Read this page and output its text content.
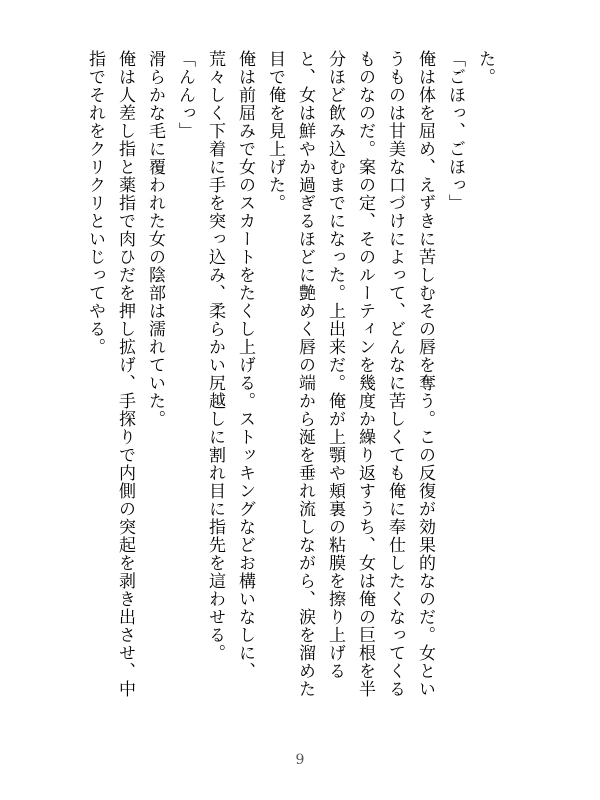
た。

「ごほっ、ごほっ」

俺は体を屈め、えずきに苦しむその唇を奪う。この反復が効果的なのだ。女というものは甘美な口づけによって、どんなに苦しくても俺に奉仕したくなってくるものなのだ。案の定、そのルーティンを幾度か繰り返すうち、女は俺の巨根を半分ほど飲み込むまでになった。上出来だ。俺が上顎や頬裏の粘膜を擦り上げると、女は鮮やか過ぎるほどに艶めく唇の端から涎を垂れ流しながら、涙を溜めた目で俺を見上げた。

俺は前屈みで女のスカートをたくし上げる。ストッキングなどお構いなしに、荒々しく下着に手を突っ込み、柔らかい尻越しに割れ目に指先を這わせる。

「んんっ」

滑らかな毛に覆われた女の陰部は濡れていた。

俺は人差し指と薬指で肉ひだを押し拡げ、手探りで内側の突起を剥き出させ、中指でそれをクリクリといじってやる。

9
